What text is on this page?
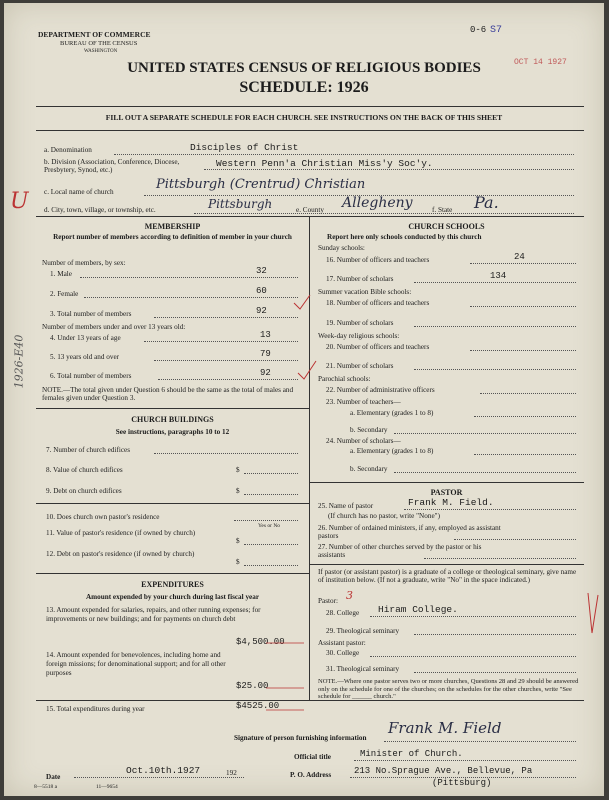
DEPARTMENT OF COMMERCE
BUREAU OF THE CENSUS
WASHINGTON
0-6 S7
OCT 14 1927
UNITED STATES CENSUS OF RELIGIOUS BODIES
SCHEDULE: 1926
FILL OUT A SEPARATE SCHEDULE FOR EACH CHURCH. SEE INSTRUCTIONS ON THE BACK OF THIS SHEET
a. Denomination	Disciples of Christ
b. Division (Association, Conference, Diocese, Presbytery, Synod, etc.)
Western Penn'a Christian Miss'y Soc'y.
c. Local name of church	Pittsburgh (Crentrud) Christian
d. City, town, village, or township, etc.	Pittsburgh	e. County Allegheny	f. State Pa.
U
1926-E40
MEMBERSHIP
Report number of members according to definition of member in your church
Number of members, by sex:
1. Male	32
2. Female	60
3. Total number of members	92
Number of members under and over 13 years old:
4. Under 13 years of age	13
5. 13 years old and over	79
6. Total number of members	92
NOTE.—The total given under Question 6 should be the same as the total of males and females given under Question 3.
CHURCH BUILDINGS
See instructions, paragraphs 10 to 12
7. Number of church edifices
8. Value of church edifices	$
9. Debt on church edifices	$
10. Does church own pastor's residence
Yes or No
11. Value of pastor's residence (if owned by church)
$
12. Debt on pastor's residence (if owned by church)
$
EXPENDITURES
Amount expended by your church during last fiscal year
13. Amount expended for salaries, repairs, and other running expenses; for improvements or new buildings; and for payments on church debt
$4,500.00
14. Amount expended for benevolences, including home and foreign missions; for denominational support; and for all other purposes
$25.00
15. Total expenditures during year	$4525.00
CHURCH SCHOOLS
Report here only schools conducted by this church
Sunday schools:
16. Number of officers and teachers	24
17. Number of scholars	134
Summer vacation Bible schools:
18. Number of officers and teachers
19. Number of scholars
Week-day religious schools:
20. Number of officers and teachers
21. Number of scholars
Parochial schools:
22. Number of administrative officers
23. Number of teachers—
a. Elementary (grades 1 to 8)
b. Secondary
24. Number of scholars—
a. Elementary (grades 1 to 8)
b. Secondary
PASTOR
25. Name of pastor	Frank M. Field.
(If church has no pastor, write "None")
26. Number of ordained ministers, if any, employed as assistant pastors
27. Number of other churches served by the pastor or his assistants
If pastor (or assistant pastor) is a graduate of a college or theological seminary, give name of institution below. (If not a graduate, write "No" in the space indicated.)
Pastor: 3
28. College Hiram College.
29. Theological seminary
Assistant pastor:
30. College
31. Theological seminary
NOTE.—Where one pastor serves two or more churches, Questions 28 and 29 should be answered only on the schedule for one of the churches; on the schedules for the other churches, write "See schedule for ______ church."
Signature of person furnishing information
Frank M. Field
Official title	Minister of Church.
Date
Oct.10th.1927	192	P. O. Address	213 No.Sprague Ave., Bellevue, Pa
(Pittsburg)
8—5518 a	11—9654
